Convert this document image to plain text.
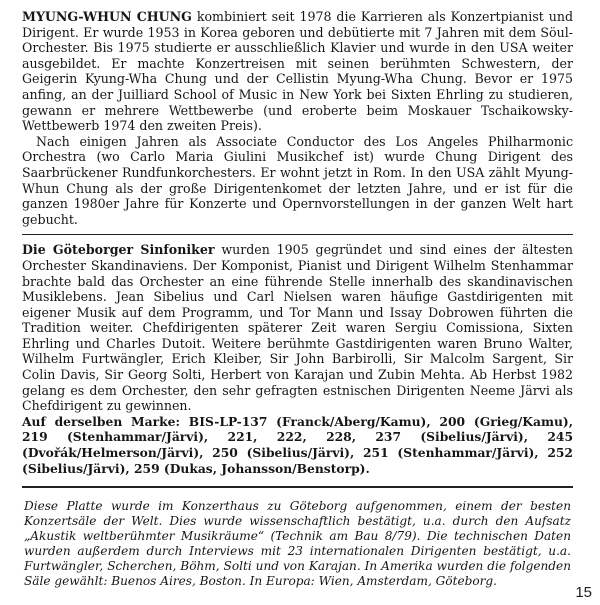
MYUNG-WHUN CHUNG kombiniert seit 1978 die Karrieren als Konzertpianist und Dirigent. Er wurde 1953 in Korea geboren und debütierte mit 7 Jahren mit dem Söul-Orchester. Bis 1975 studierte er ausschließlich Klavier und wurde in den USA weiter ausgebildet. Er machte Konzertreisen mit seinen berühmten Schwestern, der Geigerin Kyung-Wha Chung und der Cellistin Myung-Wha Chung. Bevor er 1975 anfing, an der Juilliard School of Music in New York bei Sixten Ehrling zu studieren, gewann er mehrere Wettbewerbe (und eroberte beim Moskauer Tschaikowsky-Wettbewerb 1974 den zweiten Preis).

Nach einigen Jahren als Associate Conductor des Los Angeles Philharmonic Orchestra (wo Carlo Maria Giulini Musikchef ist) wurde Chung Dirigent des Saarbrückener Rundfunkorchesters. Er wohnt jetzt in Rom. In den USA zählt Myung-Whun Chung als der große Dirigentenkomet der letzten Jahre, und er ist für die ganzen 1980er Jahre für Konzerte und Opernvorstellungen in der ganzen Welt hart gebucht.

Die Göteborger Sinfoniker wurden 1905 gegründet und sind eines der ältesten Orchester Skandinaviens. Der Komponist, Pianist und Dirigent Wilhelm Stenhammar brachte bald das Orchester an eine führende Stelle innerhalb des skandinavischen Musiklebens. Jean Sibelius und Carl Nielsen waren häufige Gastdirigenten mit eigener Musik auf dem Programm, und Tor Mann und Issay Dobrowen führten die Tradition weiter. Chefdirigenten späterer Zeit waren Sergiu Comissiona, Sixten Ehrling und Charles Dutoit. Weitere berühmte Gastdirigenten waren Bruno Walter, Wilhelm Furtwängler, Erich Kleiber, Sir John Barbirolli, Sir Malcolm Sargent, Sir Colin Davis, Sir Georg Solti, Herbert von Karajan und Zubin Mehta. Ab Herbst 1982 gelang es dem Orchester, den sehr gefragten estnischen Dirigenten Neeme Järvi als Chefdirigent zu gewinnen.

Auf derselben Marke: BIS-LP-137 (Franck/Aberg/Kamu), 200 (Grieg/Kamu), 219 (Stenhammar/Järvi), 221, 222, 228, 237 (Sibelius/Järvi), 245 (Dvořák/Helmerson/Järvi), 250 (Sibelius/Järvi), 251 (Stenhammar/Järvi), 252 (Sibelius/Järvi), 259 (Dukas, Johansson/Benstorp).

Diese Platte wurde im Konzerthaus zu Göteborg aufgenommen, einem der besten Konzertsäle der Welt. Dies wurde wissenschaftlich bestätigt, u.a. durch den Aufsatz „Akustik weltberühmter Musikräume“ (Technik am Bau 8/79). Die technischen Daten wurden außerdem durch Interviews mit 23 internationalen Dirigenten bestätigt, u.a. Furtwängler, Scherchen, Böhm, Solti und von Karajan. In Amerika wurden die folgenden Säle gewählt: Buenos Aires, Boston. In Europa: Wien, Amsterdam, Göteborg.

15
